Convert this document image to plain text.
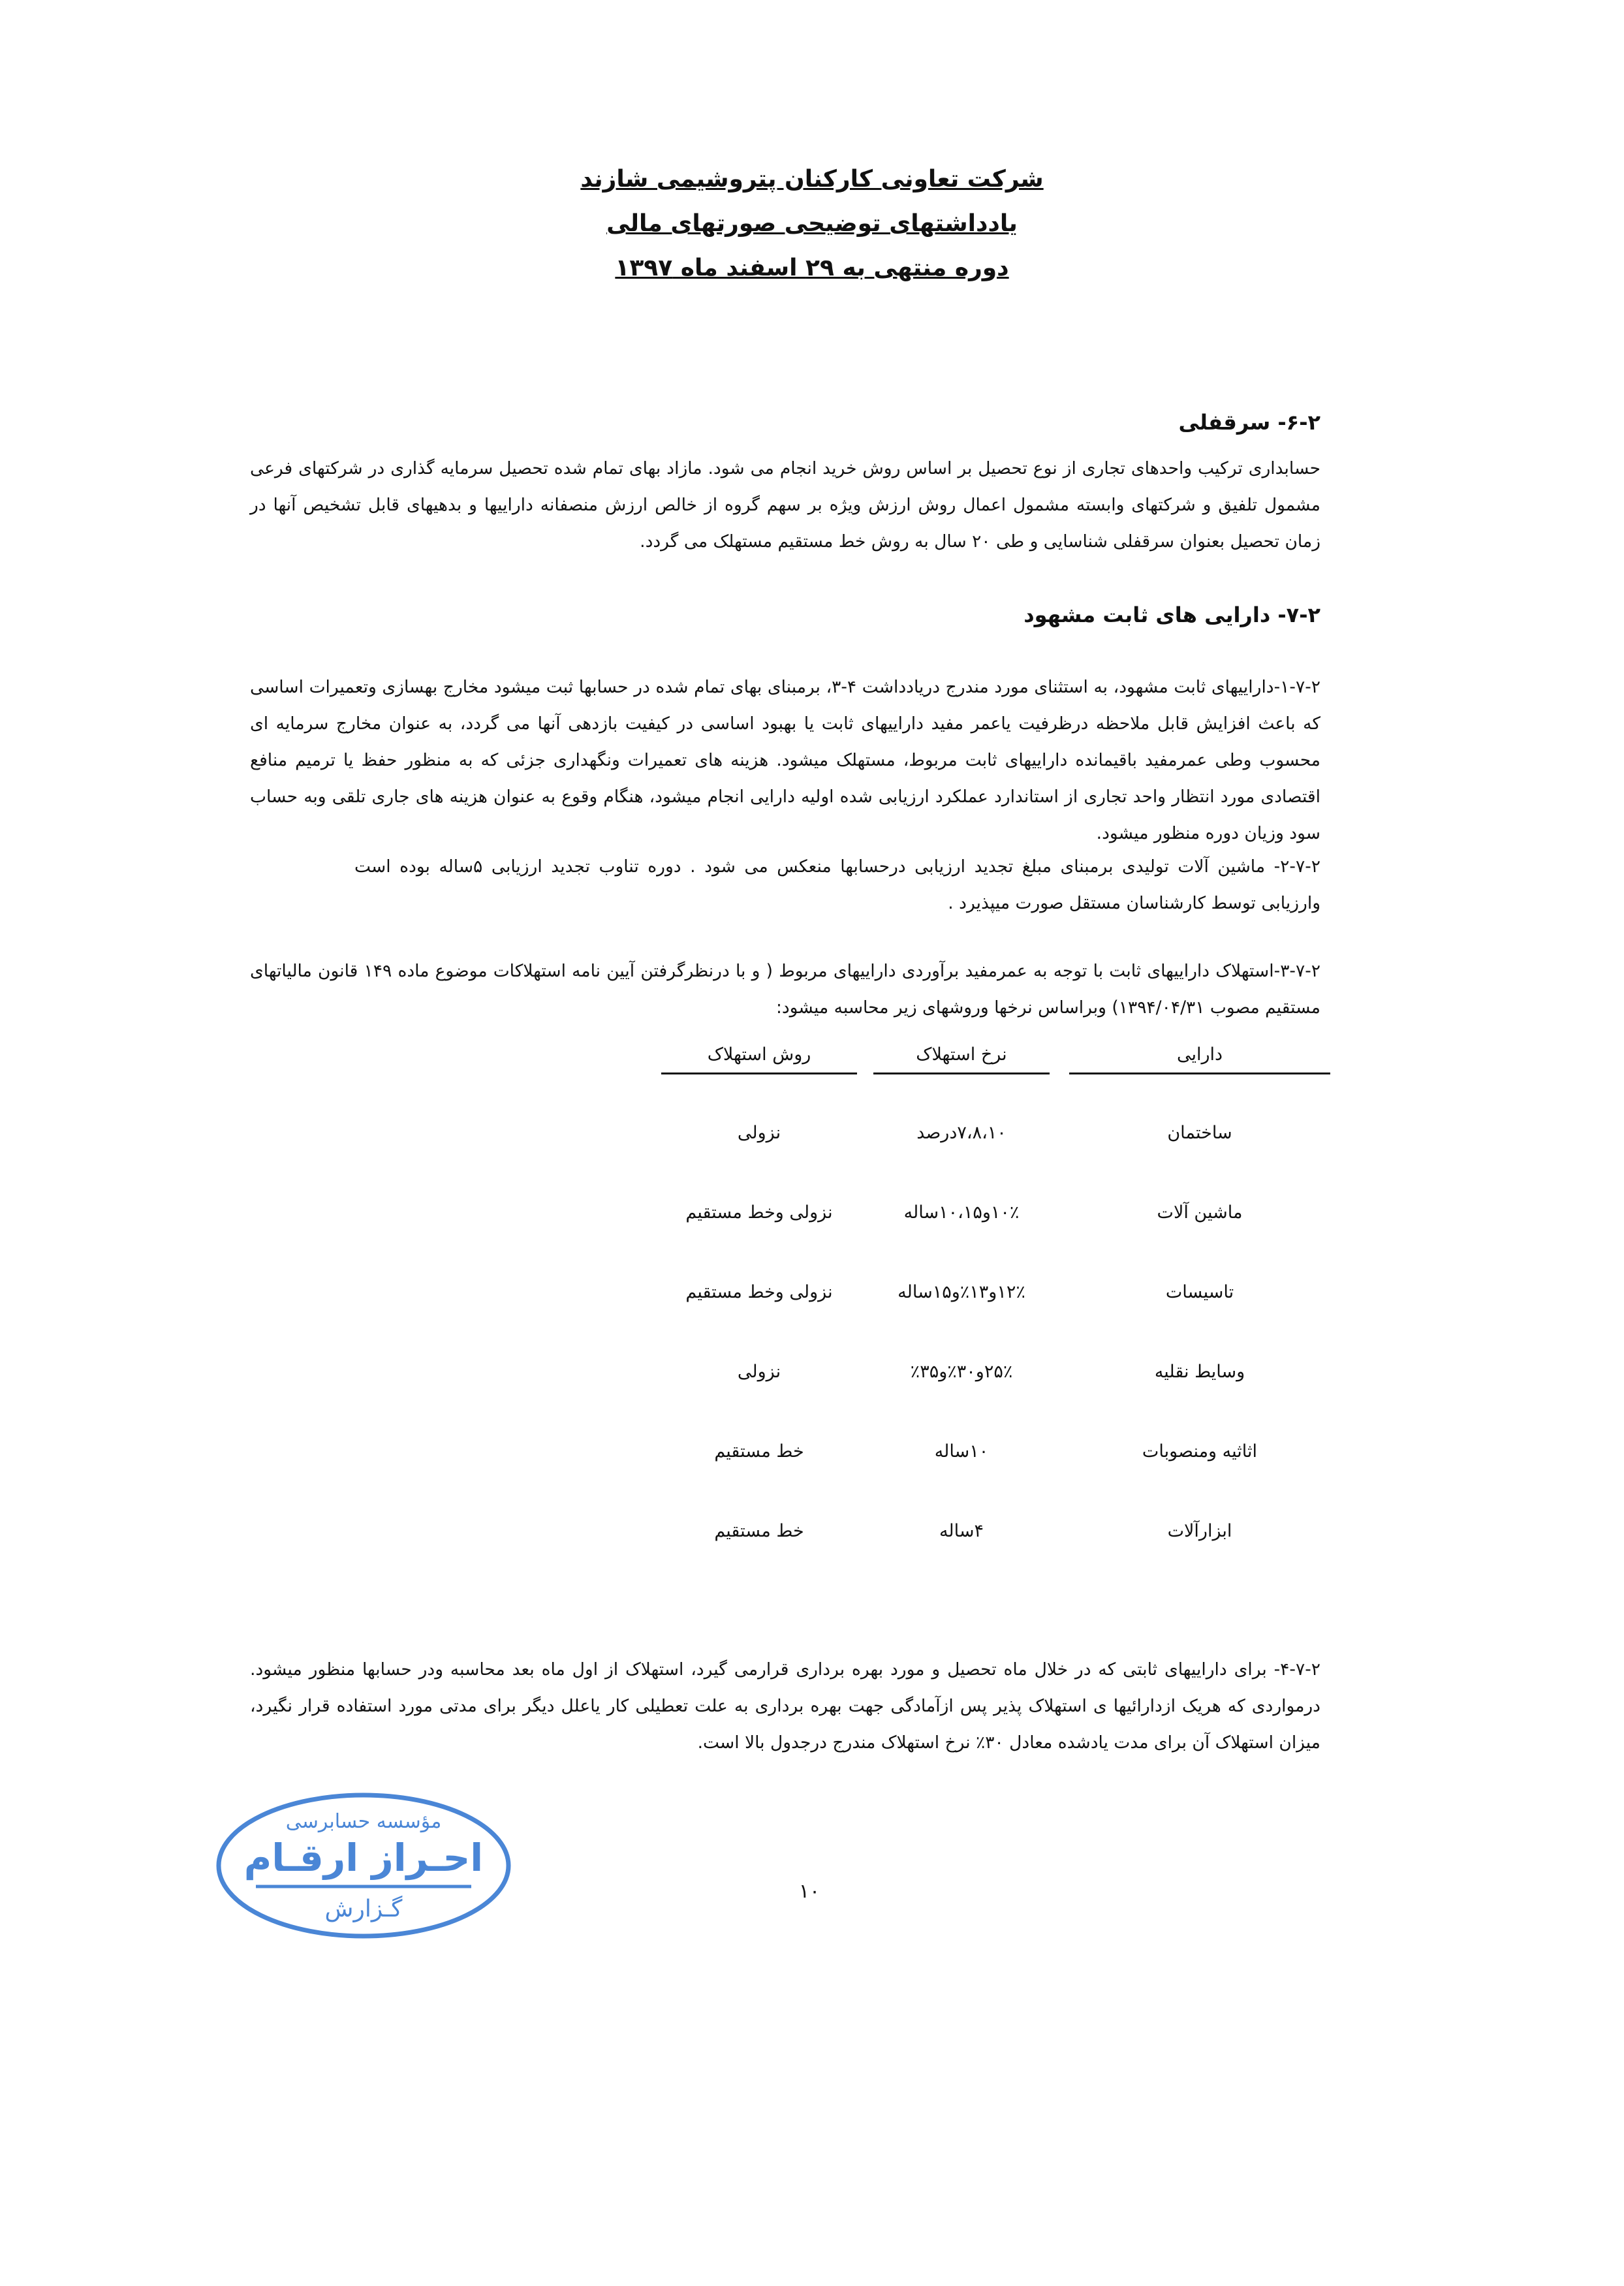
شرکت تعاونی کارکنان پتروشیمی شازند
یادداشتهای توضیحی صورتهای مالی
دوره منتهی به ۲۹ اسفند ماه ۱۳۹۷
۶-۲- سرقفلی
حسابداری ترکیب واحدهای تجاری از نوع تحصیل بر اساس روش خرید انجام می شود. مازاد بهای تمام شده تحصیل سرمایه گذاری در شرکتهای فرعی مشمول تلفیق و شرکتهای وابسته مشمول اعمال روش ارزش ویژه بر سهم گروه از خالص ارزش منصفانه داراییها و بدهیهای قابل تشخیص آنها در زمان تحصیل بعنوان سرقفلی شناسایی و طی ۲۰ سال به روش خط مستقیم مستهلک می گردد.
۷-۲- دارایی های ثابت مشهود
۱-۷-۲-داراییهای ثابت مشهود، به استثنای مورد مندرج دریادداشت ۴-۳، برمبنای بهای تمام شده در حسابها ثبت میشود مخارج بهسازی وتعمیرات اساسی که باعث افزایش قابل ملاحظه درظرفیت یاعمر مفید داراییهای ثابت یا بهبود اساسی در کیفیت بازدهی آنها می گردد، به عنوان مخارج سرمایه ای محسوب وطی عمرمفید باقیمانده داراییهای ثابت مربوط، مستهلک میشود. هزینه های تعمیرات ونگهداری جزئی که به منظور حفظ یا ترمیم منافع اقتصادی مورد انتظار واحد تجاری از استاندارد عملکرد ارزیابی شده اولیه دارایی انجام میشود، هنگام وقوع به عنوان هزینه های جاری تلقی وبه حساب سود وزیان دوره منظور میشود.
۲-۷-۲- ماشین آلات تولیدی برمبنای مبلغ تجدید ارزیابی درحسابها منعکس می شود . دوره تناوب تجدید ارزیابی ۵ساله بوده است وارزیابی توسط کارشناسان مستقل صورت میپذیرد .
۳-۷-۲-استهلاک داراییهای ثابت با توجه به عمرمفید برآوردی داراییهای مربوط ( و با درنظرگرفتن آیین نامه استهلاکات موضوع ماده ۱۴۹ قانون مالیاتهای مستقیم مصوب ۱۳۹۴/۰۴/۳۱) وبراساس نرخها وروشهای زیر محاسبه میشود:
دارایی
نرخ استهلاک
روش استهلاک
ساختمان
۷،۸،۱۰درصد
نزولی
ماشین آلات
۱۰٪و۱۰،۱۵ساله
نزولی وخط مستقیم
تاسیسات
۱۲٪و۱۳٪و۱۵ساله
نزولی وخط مستقیم
وسایط نقلیه
۲۵٪و۳۰٪و۳۵٪
نزولی
اثاثیه ومنصوبات
۱۰ساله
خط مستقیم
ابزارآلات
۴ساله
خط مستقیم
۴-۷-۲- برای داراییهای ثابتی که در خلال ماه تحصیل و مورد بهره برداری قرارمی گیرد، استهلاک از اول ماه بعد محاسبه ودر حسابها منظور میشود. درمواردی که هریک ازدارائیها ی استهلاک پذیر پس ازآمادگی جهت بهره برداری به علت تعطیلی کار یاعلل دیگر برای مدتی مورد استفاده قرار نگیرد، میزان استهلاک آن برای مدت یادشده معادل ۳۰٪ نرخ استهلاک مندرج درجدول بالا است.
مؤسسه حسابرسی
احـراز ارقـام
گـزارش
۱۰
